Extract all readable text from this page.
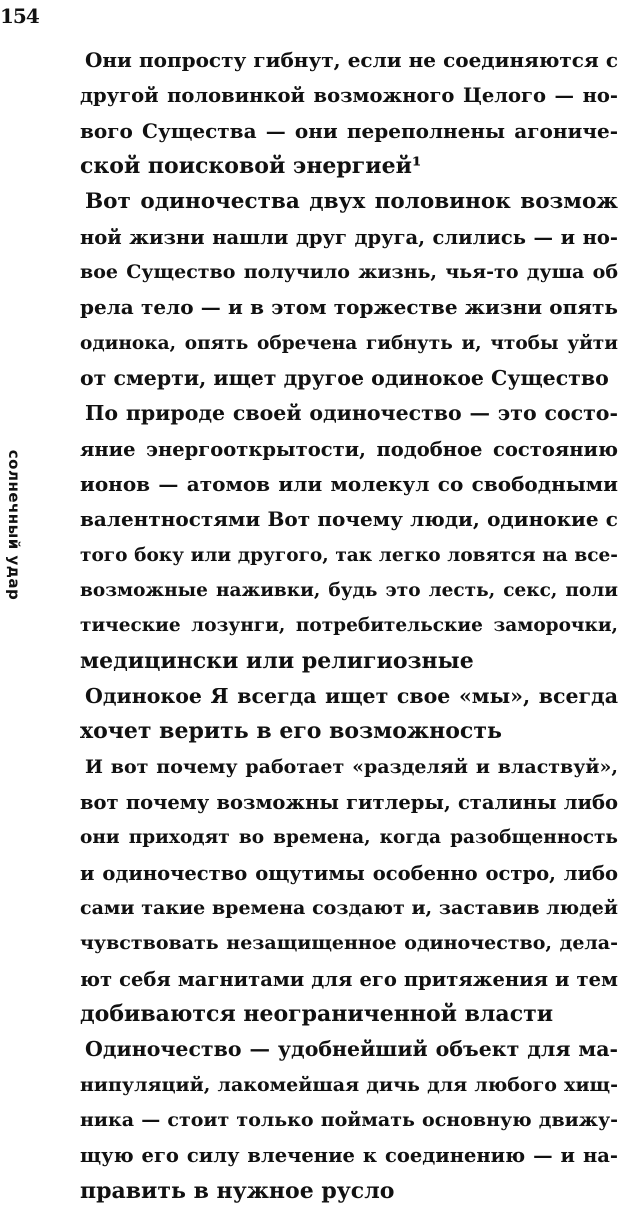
154
солнечный удар
Они попросту гибнут, если не соединяются с
другой половинкой возможного Целого — но-
вого Существа — они переполнены агониче-
ской поисковой энергией¹
Вот одиночества двух половинок возмож
ной жизни нашли друг друга, слились — и но-
вое Существо получило жизнь, чья-то душа об
рела тело — и в этом торжестве жизни опять
одинока, опять обречена гибнуть и, чтобы уйти
от смерти, ищет другое одинокое Существо
По природе своей одиночество — это состо-
яние энергооткрытости, подобное состоянию
ионов — атомов или молекул со свободными
валентностями Вот почему люди, одинокие с
того боку или другого, так легко ловятся на все-
возможные наживки, будь это лесть, секс, поли
тические лозунги, потребительские заморочки,
медицински или религиозные
Одинокое Я всегда ищет свое «мы», всегда
хочет верить в его возможность
И вот почему работает «разделяй и властвуй»,
вот почему возможны гитлеры, сталины либо
они приходят во времена, когда разобщенность
и одиночество ощутимы особенно остро, либо
сами такие времена создают и, заставив людей
чувствовать незащищенное одиночество, дела-
ют себя магнитами для его притяжения и тем
добиваются неограниченной власти
Одиночество — удобнейший объект для ма-
нипуляций, лакомейшая дичь для любого хищ-
ника — стоит только поймать основную движу-
щую его силу влечение к соединению — и на-
править в нужное русло
